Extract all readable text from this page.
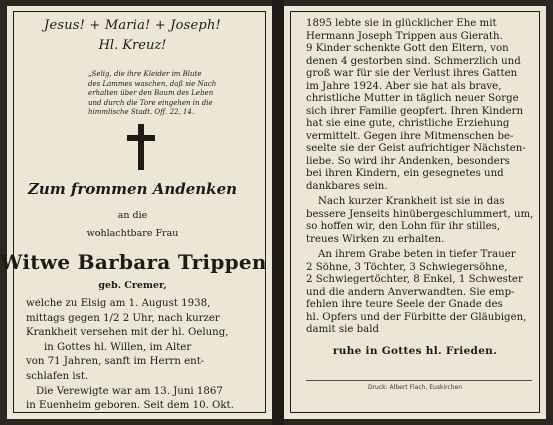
Jesus! + Maria! + Joseph!
Hl. Kreuz!
„Selig, die ihre Kleider im Blute
des Lammes waschen, daß sie Nach
erhalten über den Baum des Leben
und durch die Tore eingehen in die
himmlische Stadt. Off. 22, 14.
Zum frommen Andenken
an die
wohlachtbare Frau
Witwe Barbara Trippen
geb. Cremer,
welche zu Elsig am 1. August 1938,
mittags gegen 1/2 2 Uhr, nach kurzer
Krankheit versehen mit der hl. Oelung,
in Gottes hl. Willen, im Alter
von 71 Jahren, sanft im Herrn ent-
schlafen ist.
Die Verewigte war am 13. Juni 1867
in Euenheim geboren. Seit dem 10. Okt.
1895 lebte sie in glücklicher Ehe mit
Hermann Joseph Trippen aus Gierath.
9 Kinder schenkte Gott den Eltern, von
denen 4 gestorben sind. Schmerzlich und
groß war für sie der Verlust ihres Gatten
im Jahre 1924. Aber sie hat als brave,
christliche Mutter in täglich neuer Sorge
sich ihrer Familie geopfert. Ihren Kindern
hat sie eine gute, christliche Erziehung
vermittelt. Gegen ihre Mitmenschen be-
seelte sie der Geist aufrichtiger Nächsten-
liebe. So wird ihr Andenken, besonders
bei ihren Kindern, ein gesegnetes und
dankbares sein.
Nach kurzer Krankheit ist sie in das
bessere Jenseits hinübergeschlummert, um,
so hoffen wir, den Lohn für ihr stilles,
treues Wirken zu erhalten.
An ihrem Grabe beten in tiefer Trauer
2 Söhne, 3 Töchter, 3 Schwiegersöhne,
2 Schwiegertöchter, 8 Enkel, 1 Schwester
und die andern Anverwandten. Sie emp-
fehlen ihre teure Seele der Gnade des
hl. Opfers und der Fürbitte der Gläubigen,
damit sie bald
ruhe in Gottes hl. Frieden.
Druck: Albert Flach, Euskirchen
